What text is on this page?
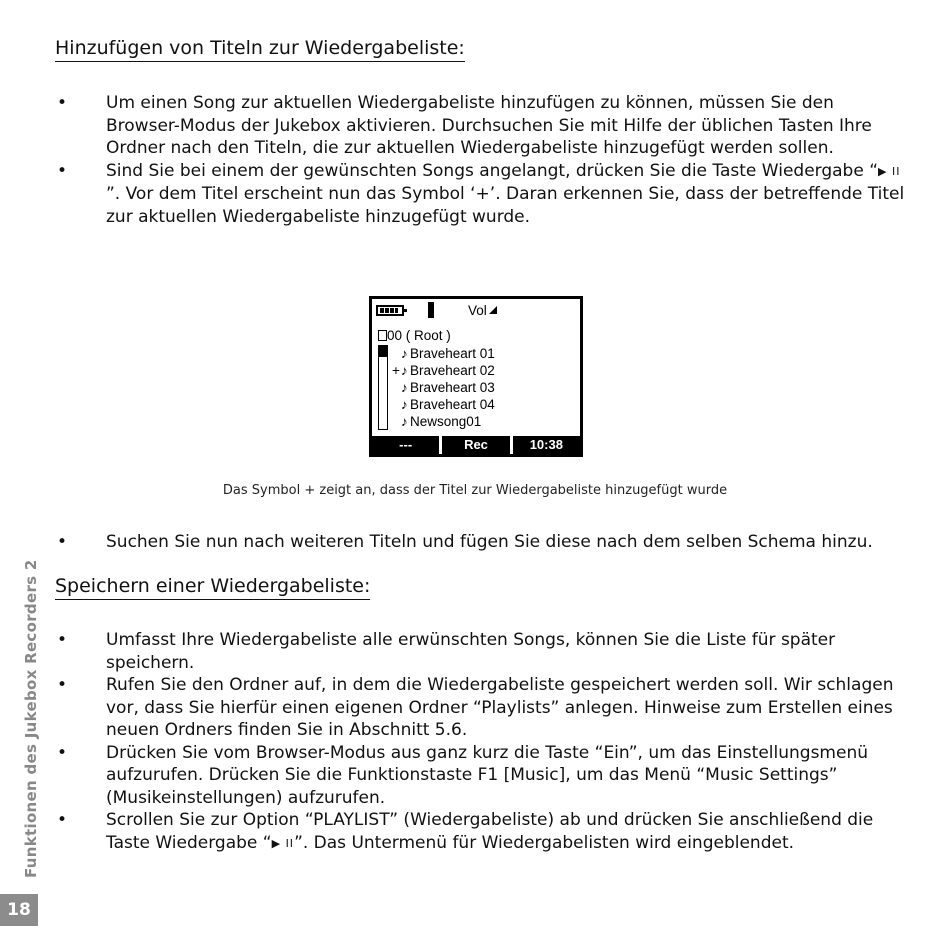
Hinzufügen von Titeln zur Wiedergabeliste:
• Um einen Song zur aktuellen Wiedergabeliste hinzufügen zu können, müssen Sie den Browser-Modus der Jukebox aktivieren. Durchsuchen Sie mit Hilfe der üblichen Tasten Ihre Ordner nach den Titeln, die zur aktuellen Wiedergabeliste hinzugefügt werden sollen.
• Sind Sie bei einem der gewünschten Songs angelangt, drücken Sie die Taste Wiedergabe “▶ II”. Vor dem Titel erscheint nun das Symbol ‘+’. Daran erkennen Sie, dass der betreffende Titel zur aktuellen Wiedergabeliste hinzugefügt wurde.
Vol
00 ( Root )
♪ Braveheart 01
+ ♪ Braveheart 02
♪ Braveheart 03
♪ Braveheart 04
♪ Newsong01
---	Rec	10:38

Das Symbol + zeigt an, dass der Titel zur Wiedergabeliste hinzugefügt wurde

• Suchen Sie nun nach weiteren Titeln und fügen Sie diese nach dem selben Schema hinzu.
Speichern einer Wiedergabeliste:
• Umfasst Ihre Wiedergabeliste alle erwünschten Songs, können Sie die Liste für später speichern.
• Rufen Sie den Ordner auf, in dem die Wiedergabeliste gespeichert werden soll. Wir schlagen vor, dass Sie hierfür einen eigenen Ordner “Playlists” anlegen. Hinweise zum Erstellen eines neuen Ordners finden Sie in Abschnitt 5.6.
• Drücken Sie vom Browser-Modus aus ganz kurz die Taste “Ein”, um das Einstellungsmenü aufzurufen. Drücken Sie die Funktionstaste F1 [Music], um das Menü “Music Settings” (Musikeinstellungen) aufzurufen.
• Scrollen Sie zur Option “PLAYLIST” (Wiedergabeliste) ab und drücken Sie anschließend die Taste Wiedergabe “▶ II”. Das Untermenü für Wiedergabelisten wird eingeblendet.
Funktionen des Jukebox Recorders 2
18
